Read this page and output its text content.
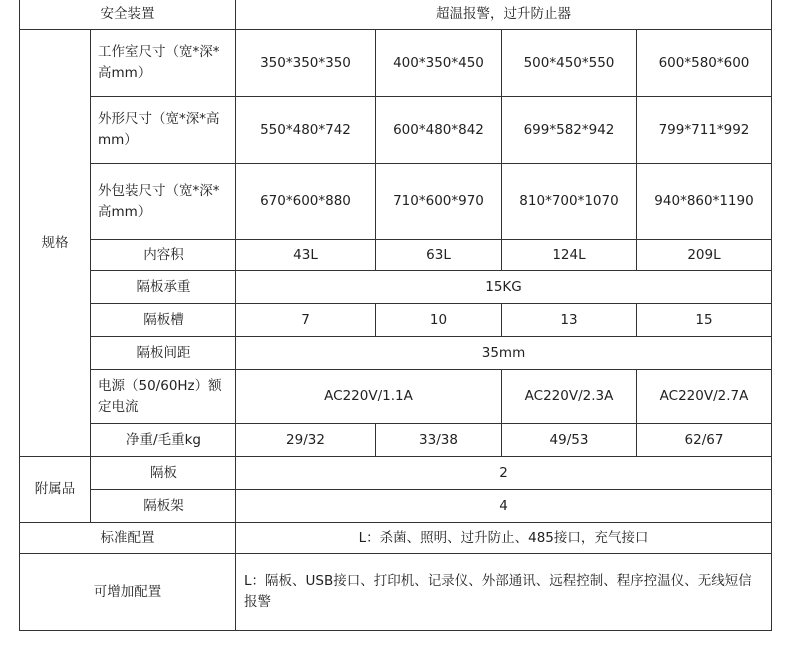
安全装置		超温报警，过升防止器			
规格	工作室尺寸（宽*深*高mm）	350*350*350	400*350*450	500*450*550	600*580*600
	外形尺寸（宽*深*高mm）	550*480*742	600*480*842	699*582*942	799*711*992
	外包装尺寸（宽*深*高mm）	670*600*880	710*600*970	810*700*1070	940*860*1190
	内容积	43L	63L	124L	209L
	隔板承重	15KG			
	隔板槽	7	10	13	15
	隔板间距	35mm			
	电源（50/60Hz）额定电流	AC220V/1.1A		AC220V/2.3A	AC220V/2.7A
	净重/毛重kg	29/32	33/38	49/53	62/67
附属品	隔板	2			
	隔板架	4			
标准配置		L：杀菌、照明、过升防止、485接口，充气接口			
可增加配置		L：隔板、USB接口、打印机、记录仪、外部通讯、远程控制、程序控温仪、无线短信报警			
